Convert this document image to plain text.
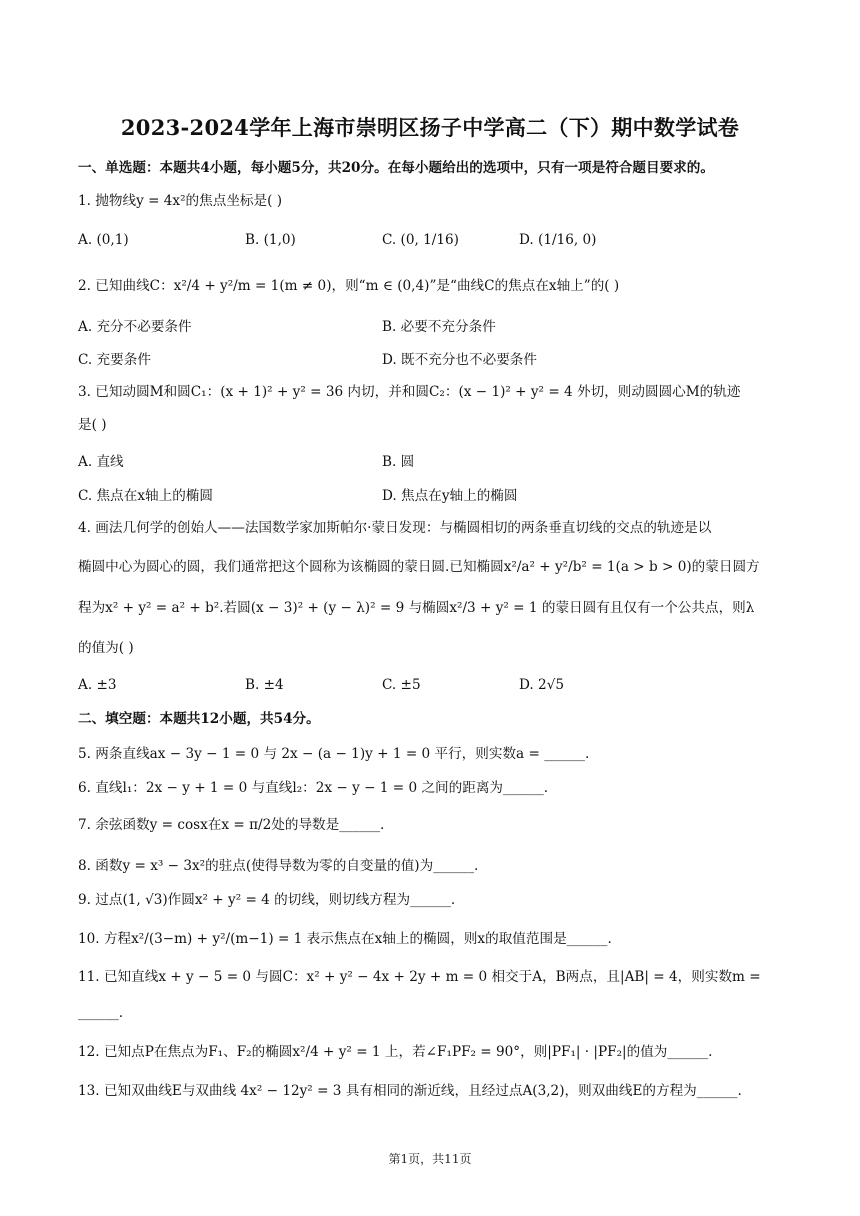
2023-2024学年上海市崇明区扬子中学高二（下）期中数学试卷
一、单选题：本题共4小题，每小题5分，共20分。在每小题给出的选项中，只有一项是符合题目要求的。
1. 抛物线y = 4x²的焦点坐标是( )
A. (0,1)	B. (1,0)	C. (0, 1/16)	D. (1/16, 0)
2. 已知曲线C：x²/4 + y²/m = 1(m ≠ 0)，则“m ∈ (0,4)”是“曲线C的焦点在x轴上”的( )
A. 充分不必要条件	B. 必要不充分条件
C. 充要条件	D. 既不充分也不必要条件
3. 已知动圆M和圆C₁：(x + 1)² + y² = 36 内切，并和圆C₂：(x − 1)² + y² = 4 外切，则动圆圆心M的轨迹
是( )
A. 直线	B. 圆
C. 焦点在x轴上的椭圆	D. 焦点在y轴上的椭圆
4. 画法几何学的创始人——法国数学家加斯帕尔·蒙日发现：与椭圆相切的两条垂直切线的交点的轨迹是以
椭圆中心为圆心的圆，我们通常把这个圆称为该椭圆的蒙日圆.已知椭圆x²/a² + y²/b² = 1(a > b > 0)的蒙日圆方
程为x² + y² = a² + b².若圆(x − 3)² + (y − λ)² = 9 与椭圆x²/3 + y² = 1 的蒙日圆有且仅有一个公共点，则λ
的值为( )
A. ±3	B. ±4	C. ±5	D. 2√5
二、填空题：本题共12小题，共54分。
5. 两条直线ax − 3y − 1 = 0 与 2x − (a − 1)y + 1 = 0 平行，则实数a = ______.
6. 直线l₁：2x − y + 1 = 0 与直线l₂：2x − y − 1 = 0 之间的距离为______.
7. 余弦函数y = cosx在x = π/2处的导数是______.
8. 函数y = x³ − 3x²的驻点(使得导数为零的自变量的值)为______.
9. 过点(1, √3)作圆x² + y² = 4 的切线，则切线方程为______.
10. 方程x²/(3−m) + y²/(m−1) = 1 表示焦点在x轴上的椭圆，则x的取值范围是______.
11. 已知直线x + y − 5 = 0 与圆C：x² + y² − 4x + 2y + m = 0 相交于A，B两点，且|AB| = 4，则实数m =
______.
12. 已知点P在焦点为F₁、F₂的椭圆x²/4 + y² = 1 上，若∠F₁PF₂ = 90°，则|PF₁| · |PF₂|的值为______.
13. 已知双曲线E与双曲线 4x² − 12y² = 3 具有相同的渐近线，且经过点A(3,2)，则双曲线E的方程为______.
第1页，共11页
